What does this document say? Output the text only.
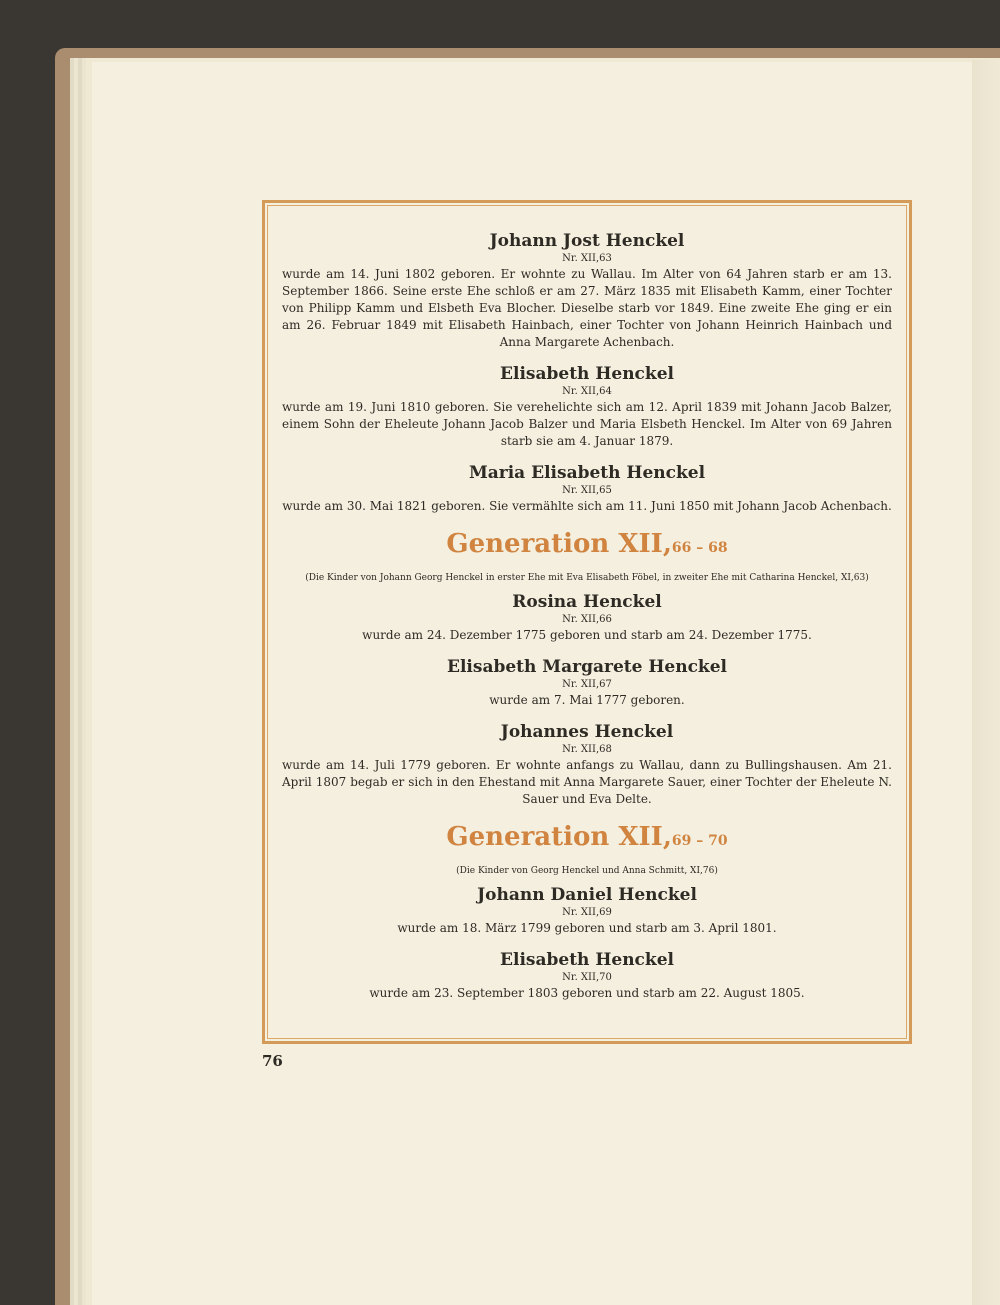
Johann Jost Henckel
Nr. XII,63
wurde am 14. Juni 1802 geboren. Er wohnte zu Wallau. Im Alter von 64 Jahren starb er am 13. September 1866. Seine erste Ehe schloß er am 27. März 1835 mit Elisabeth Kamm, einer Tochter von Philipp Kamm und Elsbeth Eva Blocher. Dieselbe starb vor 1849. Eine zweite Ehe ging er ein am 26. Februar 1849 mit Elisabeth Hainbach, einer Tochter von Johann Heinrich Hainbach und Anna Margarete Achenbach.
Elisabeth Henckel
Nr. XII,64
wurde am 19. Juni 1810 geboren. Sie verehelichte sich am 12. April 1839 mit Johann Jacob Balzer, einem Sohn der Eheleute Johann Jacob Balzer und Maria Elsbeth Henckel. Im Alter von 69 Jahren starb sie am 4. Januar 1879.
Maria Elisabeth Henckel
Nr. XII,65
wurde am 30. Mai 1821 geboren. Sie vermählte sich am 11. Juni 1850 mit Johann Jacob Achenbach.
Generation XII,66 – 68
(Die Kinder von Johann Georg Henckel in erster Ehe mit Eva Elisabeth Föbel, in zweiter Ehe mit Catharina Henckel, XI,63)
Rosina Henckel
Nr. XII,66
wurde am 24. Dezember 1775 geboren und starb am 24. Dezember 1775.
Elisabeth Margarete Henckel
Nr. XII,67
wurde am 7. Mai 1777 geboren.
Johannes Henckel
Nr. XII,68
wurde am 14. Juli 1779 geboren. Er wohnte anfangs zu Wallau, dann zu Bullingshausen. Am 21. April 1807 begab er sich in den Ehestand mit Anna Margarete Sauer, einer Tochter der Eheleute N. Sauer und Eva Delte.
Generation XII,69 – 70
(Die Kinder von Georg Henckel und Anna Schmitt, XI,76)
Johann Daniel Henckel
Nr. XII,69
wurde am 18. März 1799 geboren und starb am 3. April 1801.
Elisabeth Henckel
Nr. XII,70
wurde am 23. September 1803 geboren und starb am 22. August 1805.
76
